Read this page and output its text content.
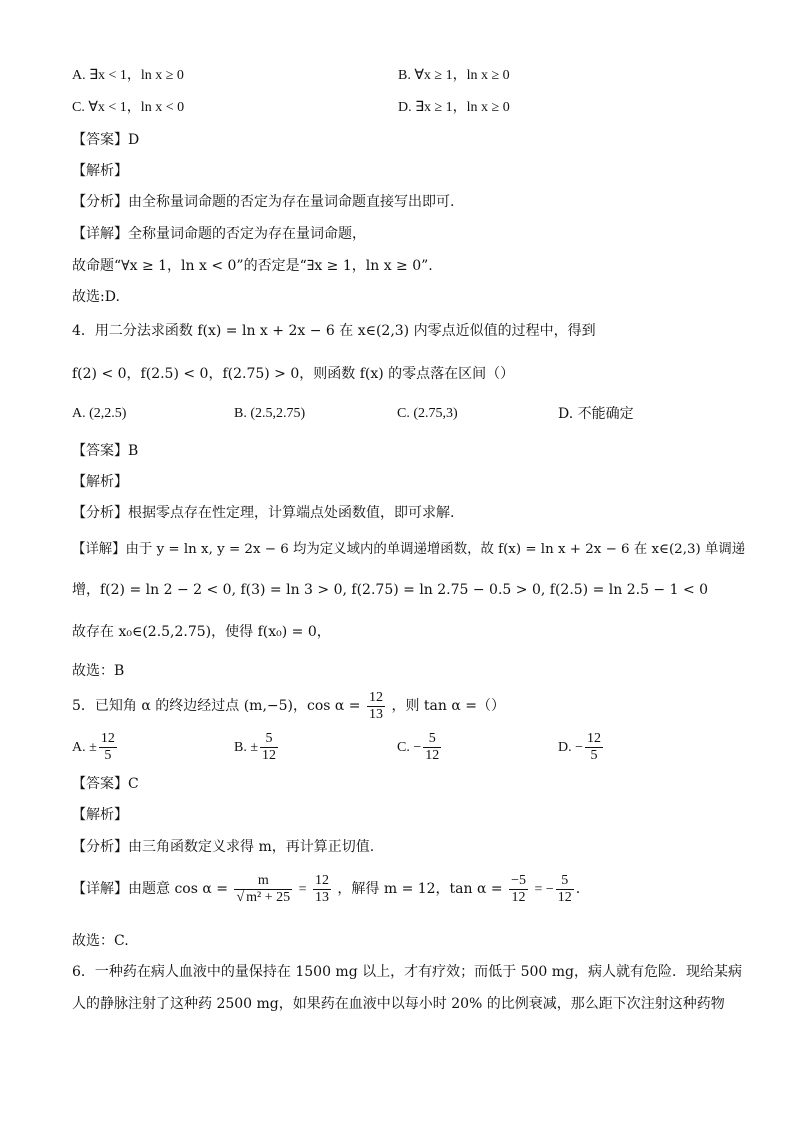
A. ∃x < 1，ln x ≥ 0	B. ∀x ≥ 1，ln x ≥ 0
C. ∀x < 1，ln x < 0	D. ∃x ≥ 1，ln x ≥ 0
【答案】D
【解析】
【分析】由全称量词命题的否定为存在量词命题直接写出即可.
【详解】全称量词命题的否定为存在量词命题，
故命题“∀x ≥ 1，ln x < 0”的否定是“∃x ≥ 1，ln x ≥ 0”.
故选:D.
4．用二分法求函数 f(x) = ln x + 2x − 6 在 x∈(2,3) 内零点近似值的过程中，得到
f(2) < 0，f(2.5) < 0，f(2.75) > 0，则函数 f(x) 的零点落在区间（）
A. (2,2.5)	B. (2.5,2.75)	C. (2.75,3)	D. 不能确定
【答案】B
【解析】
【分析】根据零点存在性定理，计算端点处函数值，即可求解.
【详解】由于 y = ln x, y = 2x − 6 均为定义域内的单调递增函数，故 f(x) = ln x + 2x − 6 在 x∈(2,3) 单调递
增，f(2) = ln 2 − 2 < 0, f(3) = ln 3 > 0, f(2.75) = ln 2.75 − 0.5 > 0, f(2.5) = ln 2.5 − 1 < 0
故存在 x₀∈(2.5,2.75)，使得 f(x₀) = 0，
故选：B
5．已知角 α 的终边经过点 (m,−5)，$\cos \alpha = \frac{12}{13}$ ，则 tan α =（）
A. ± $\frac{12}{5}$	B. ± $\frac{5}{12}$	C. − $\frac{5}{12}$	D. − $\frac{12}{5}$
【答案】C
【解析】
【分析】由三角函数定义求得 m，再计算正切值.
【详解】由题意 $\cos \alpha = \frac{m}{\text{√ m² + 25}} = \frac{12}{13}$ ，解得 m = 12，$\tan \alpha = \frac{-5}{12}$ = − $\frac{5}{12}$ .
故选：C.
6．一种药在病人血液中的量保持在 1500 mg 以上，才有疗效；而低于 500 mg，病人就有危险．现给某病
人的静脉注射了这种药 2500 mg，如果药在血液中以每小时 20% 的比例衰减，那么距下次注射这种药物
